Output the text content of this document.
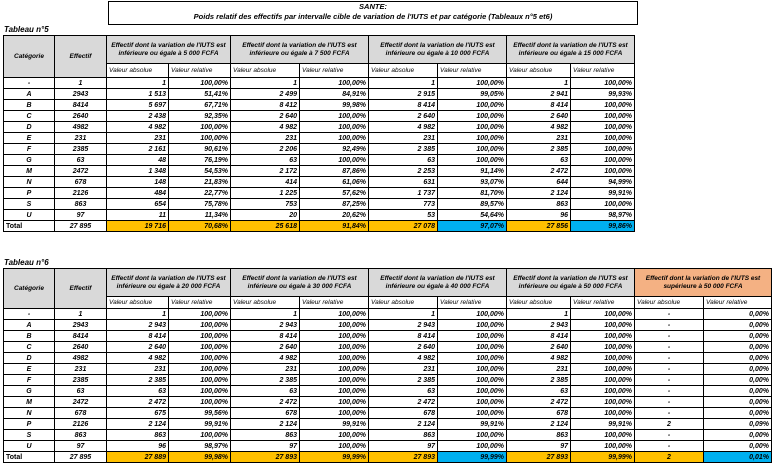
SANTE:
Poids relatif des effectifs par intervalle cible de variation de l'IUTS et par catégorie (Tableaux n°5 et6)
Tableau n°5
Catégorie	Effectif	Effectif dont la variation de l'IUTS est inférieure ou égale à 5 000 FCFA		Effectif dont la variation de l'IUTS est inférieure ou égale à 7 500 FCFA		Effectif dont la variation de l'IUTS est inférieure ou égale à 10 000 FCFA		Effectif dont la variation de l'IUTS est inférieure ou égale à 15 000 FCFA	
		Valeur absolue	Valeur relative	Valeur absolue	Valeur relative	Valeur absolue	Valeur relative	Valeur absolue	Valeur relative
-	1	1	100,00%	1	100,00%	1	100,00%	1	100,00%
A	2943	1 513	51,41%	2 499	84,91%	2 915	99,05%	2 941	99,93%
B	8414	5 697	67,71%	8 412	99,98%	8 414	100,00%	8 414	100,00%
C	2640	2 438	92,35%	2 640	100,00%	2 640	100,00%	2 640	100,00%
D	4982	4 982	100,00%	4 982	100,00%	4 982	100,00%	4 982	100,00%
E	231	231	100,00%	231	100,00%	231	100,00%	231	100,00%
F	2385	2 161	90,61%	2 206	92,49%	2 385	100,00%	2 385	100,00%
G	63	48	76,19%	63	100,00%	63	100,00%	63	100,00%
M	2472	1 348	54,53%	2 172	87,86%	2 253	91,14%	2 472	100,00%
N	678	148	21,83%	414	61,06%	631	93,07%	644	94,99%
P	2126	484	22,77%	1 225	57,62%	1 737	81,70%	2 124	99,91%
S	863	654	75,78%	753	87,25%	773	89,57%	863	100,00%
U	97	11	11,34%	20	20,62%	53	54,64%	96	98,97%
Total	27 895	19 716	70,68%	25 618	91,84%	27 078	97,07%	27 856	99,86%
Tableau n°6
Catégorie	Effectif	Effectif dont la variation de l'IUTS est inférieure ou égale à 20 000 FCFA		Effectif dont la variation de l'IUTS est inférieure ou égale à 30 000 FCFA		Effectif dont la variation de l'IUTS est inférieure ou égale à 40 000 FCFA		Effectif dont la variation de l'IUTS est inférieure ou égale à 50 000 FCFA		Effectif dont la variation de l'IUTS est supérieure à 50 000 FCFA	
		Valeur absolue	Valeur relative	Valeur absolue	Valeur relative	Valeur absolue	Valeur relative	Valeur absolue	Valeur relative	Valeur absolue	Valeur relative
-	1	1	100,00%	1	100,00%	1	100,00%	1	100,00%	-	0,00%
A	2943	2 943	100,00%	2 943	100,00%	2 943	100,00%	2 943	100,00%	-	0,00%
B	8414	8 414	100,00%	8 414	100,00%	8 414	100,00%	8 414	100,00%	-	0,00%
C	2640	2 640	100,00%	2 640	100,00%	2 640	100,00%	2 640	100,00%	-	0,00%
D	4982	4 982	100,00%	4 982	100,00%	4 982	100,00%	4 982	100,00%	-	0,00%
E	231	231	100,00%	231	100,00%	231	100,00%	231	100,00%	-	0,00%
F	2385	2 385	100,00%	2 385	100,00%	2 385	100,00%	2 385	100,00%	-	0,00%
G	63	63	100,00%	63	100,00%	63	100,00%	63	100,00%	-	0,00%
M	2472	2 472	100,00%	2 472	100,00%	2 472	100,00%	2 472	100,00%	-	0,00%
N	678	675	99,56%	678	100,00%	678	100,00%	678	100,00%	-	0,00%
P	2126	2 124	99,91%	2 124	99,91%	2 124	99,91%	2 124	99,91%	2	0,09%
S	863	863	100,00%	863	100,00%	863	100,00%	863	100,00%	-	0,00%
U	97	96	98,97%	97	100,00%	97	100,00%	97	100,00%	-	0,00%
Total	27 895	27 889	99,98%	27 893	99,99%	27 893	99,99%	27 893	99,99%	2	0,01%
